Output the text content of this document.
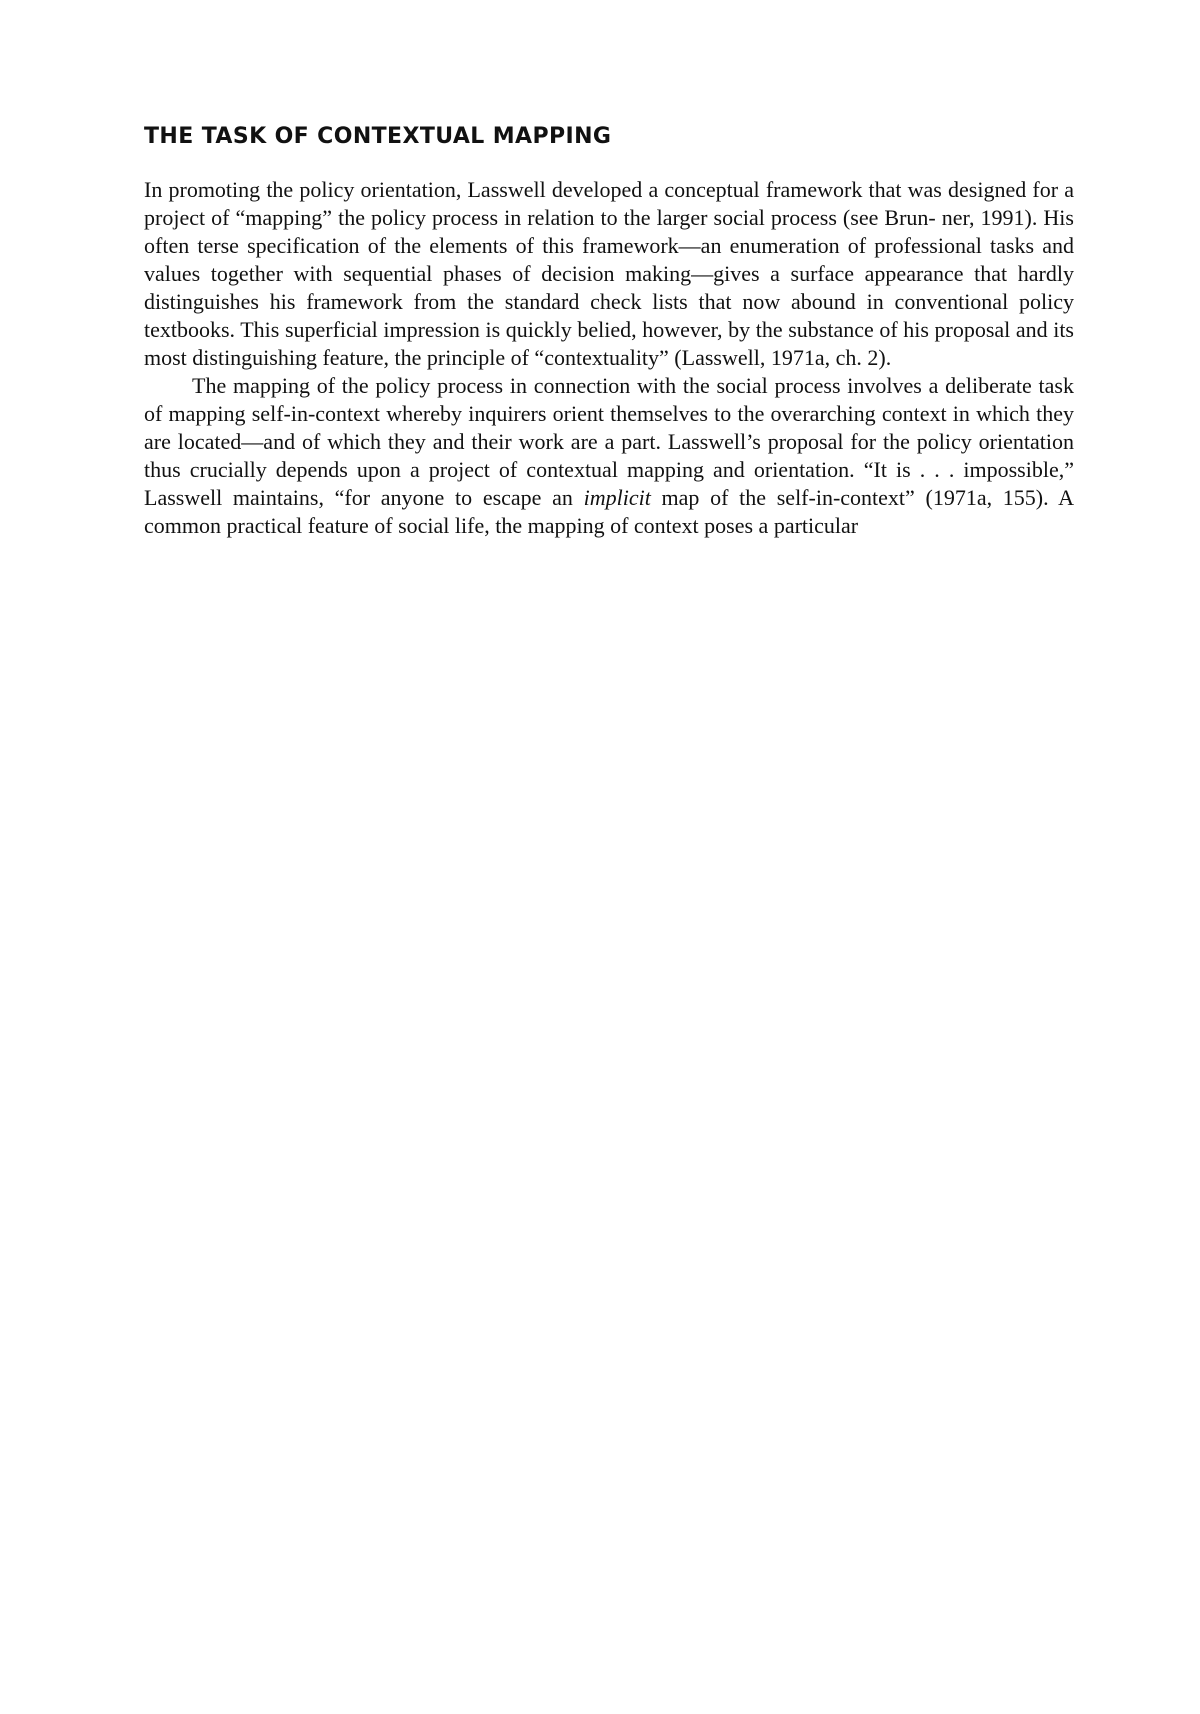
THE TASK OF CONTEXTUAL MAPPING

In promoting the policy orientation, Lasswell developed a conceptual framework that was designed for a project of “mapping” the policy process in relation to the larger social process (see Brun- ner, 1991). His often terse specification of the elements of this framework—an enumeration of professional tasks and values together with sequential phases of decision making—gives a surface appearance that hardly distinguishes his framework from the standard check lists that now abound in conventional policy textbooks. This superficial impression is quickly belied, however, by the substance of his proposal and its most distinguishing feature, the principle of “contextuality” (Lasswell, 1971a, ch. 2).

The mapping of the policy process in connection with the social process involves a deliberate task of mapping self-in-context whereby inquirers orient themselves to the overarching context in which they are located—and of which they and their work are a part. Lasswell’s proposal for the policy orientation thus crucially depends upon a project of contextual mapping and orientation. “It is . . . impossible,” Lasswell maintains, “for anyone to escape an implicit map of the self-in-context” (1971a, 155). A common practical feature of social life, the mapping of context poses a particular
